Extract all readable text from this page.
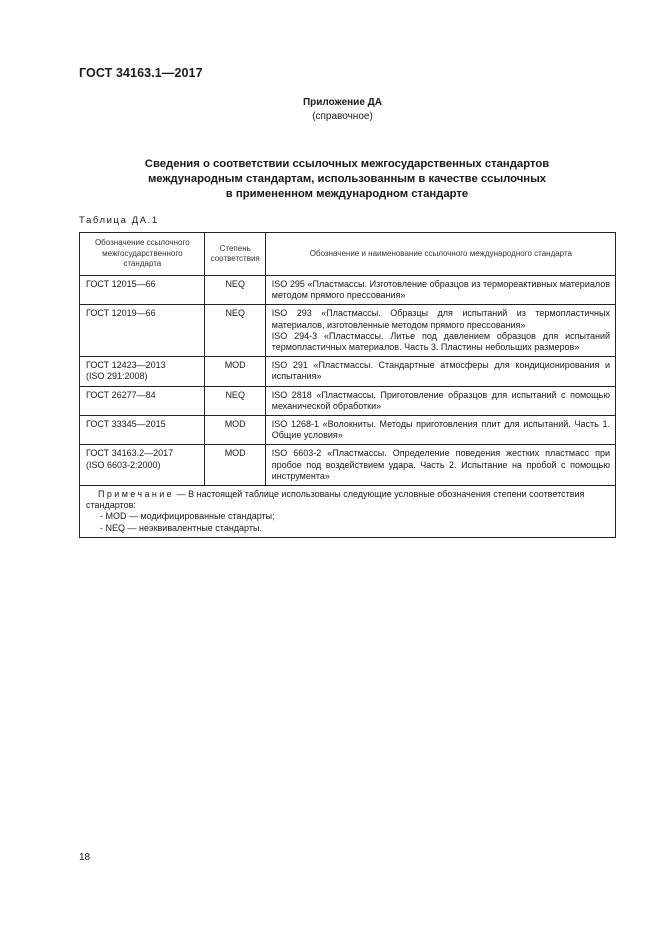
ГОСТ 34163.1—2017
Приложение ДА
(справочное)
Сведения о соответствии ссылочных межгосударственных стандартов
международным стандартам, использованным в качестве ссылочных
в примененном международном стандарте
Таблица ДА.1
Обозначение ссылочного межгосударственного стандарта	Степень соответствия	Обозначение и наименование ссылочного международного стандарта

ГОСТ 12015—66	NEQ	ISO 295 «Пластмассы. Изготовление образцов из термореактивных материалов методом прямого прессования»

ГОСТ 12019—66	NEQ	ISO 293 «Пластмассы. Образцы для испытаний из термопластичных материалов, изготовленные методом прямого прессования»
ISO 294-3 «Пластмассы. Литье под давлением образцов для испытаний термопластичных материалов. Часть 3. Пластины небольших размеров»

ГОСТ 12423—2013
(ISO 291:2008)	MOD	ISO 291 «Пластмассы. Стандартные атмосферы для кондиционирования и испытания»

ГОСТ 26277—84	NEQ	ISO 2818 «Пластмассы. Приготовление образцов для испытаний с помощью механической обработки»

ГОСТ 33345—2015	MOD	ISO 1268-1 «Волокниты. Методы приготовления плит для испытаний. Часть 1. Общие условия»

ГОСТ 34163.2—2017
(ISO 6603-2:2000)	MOD	ISO 6603-2 «Пластмассы. Определение поведения жестких пластмасс при пробое под воздействием удара. Часть 2. Испытание на пробой с помощью инструмента»

Примечание — В настоящей таблице использованы следующие условные обозначения степени соответствия стандартов:
- MOD — модифицированные стандарты;
- NEQ — неэквивалентные стандарты.		
18
